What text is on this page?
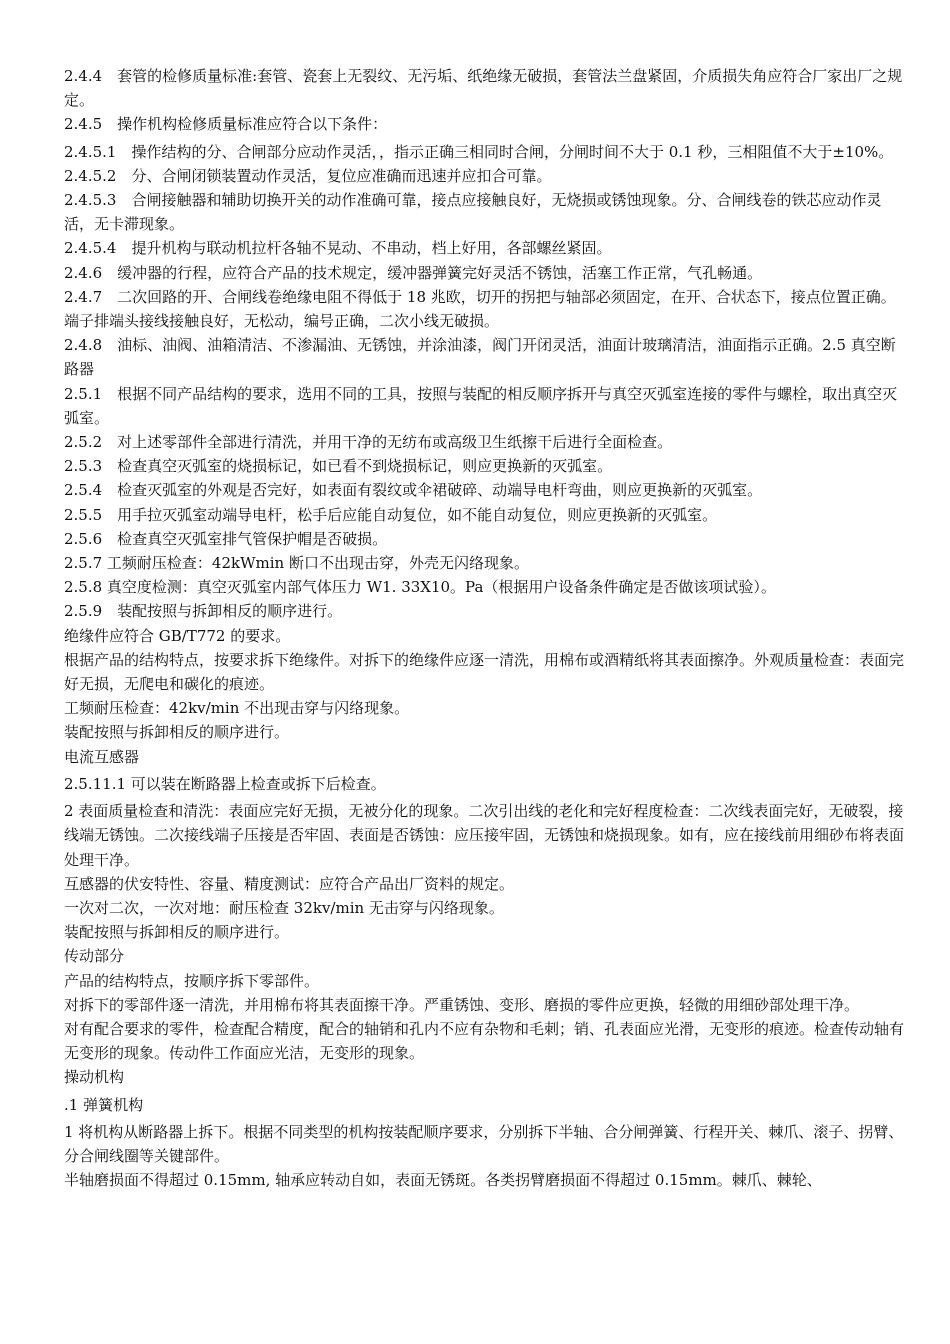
2.4.4　套管的检修质量标准:套管、瓷套上无裂纹、无污垢、纸绝缘无破损，套管法兰盘紧固，介质损失角应符合厂家出厂之规定。

2.4.5　操作机构检修质量标准应符合以下条件：

2.4.5.1　操作结构的分、合闸部分应动作灵活，，指示正确三相同时合闸，分闸时间不大于 0.1 秒，三相阻值不大于±10%。

2.4.5.2　分、合闸闭锁装置动作灵活，复位应准确而迅速并应扣合可靠。

2.4.5.3　合闸接触器和辅助切换开关的动作准确可靠，接点应接触良好，无烧损或锈蚀现象。分、合闸线卷的铁芯应动作灵活，无卡滞现象。

2.4.5.4　提升机构与联动机拉杆各轴不晃动、不串动，档上好用，各部螺丝紧固。

2.4.6　缓冲器的行程，应符合产品的技术规定，缓冲器弹簧完好灵活不锈蚀，活塞工作正常，气孔畅通。

2.4.7　二次回路的开、合闸线卷绝缘电阻不得低于 18 兆欧，切开的拐把与轴部必须固定，在开、合状态下，接点位置正确。端子排端头接线接触良好，无松动，编号正确，二次小线无破损。

2.4.8　油标、油阀、油箱清洁、不渗漏油、无锈蚀，并涂油漆，阀门开闭灵活，油面计玻璃清洁，油面指示正确。2.5 真空断路器

2.5.1　根据不同产品结构的要求，选用不同的工具，按照与装配的相反顺序拆开与真空灭弧室连接的零件与螺栓，取出真空灭弧室。

2.5.2　对上述零部件全部进行清洗，并用干净的无纺布或高级卫生纸擦干后进行全面检查。

2.5.3　检查真空灭弧室的烧损标记，如已看不到烧损标记，则应更换新的灭弧室。

2.5.4　检查灭弧室的外观是否完好，如表面有裂纹或伞裙破碎、动端导电杆弯曲，则应更换新的灭弧室。

2.5.5　用手拉灭弧室动端导电杆，松手后应能自动复位，如不能自动复位，则应更换新的灭弧室。

2.5.6　检查真空灭弧室排气管保护帽是否破损。

2.5.7 工频耐压检查：42kWmin 断口不出现击穿，外壳无闪络现象。

2.5.8 真空度检测：真空灭弧室内部气体压力 W1. 33X10。Pa（根据用户设备条件确定是否做该项试验）。

2.5.9　装配按照与拆卸相反的顺序进行。

绝缘件应符合 GB/T772 的要求。

根据产品的结构特点，按要求拆下绝缘件。对拆下的绝缘件应逐一清洗，用棉布或酒精纸将其表面擦净。外观质量检查：表面完好无损，无爬电和碳化的痕迹。

工频耐压检查：42kv/min 不出现击穿与闪络现象。

装配按照与拆卸相反的顺序进行。

电流互感器

2.5.11.1 可以装在断路器上检查或拆下后检查。

2 表面质量检查和清洗：表面应完好无损，无被分化的现象。二次引出线的老化和完好程度检查：二次线表面完好，无破裂，接线端无锈蚀。二次接线端子压接是否牢固、表面是否锈蚀：应压接牢固，无锈蚀和烧损现象。如有，应在接线前用细砂布将表面处理干净。

互感器的伏安特性、容量、精度测试：应符合产品出厂资料的规定。

一次对二次，一次对地：耐压检查 32kv/min 无击穿与闪络现象。

装配按照与拆卸相反的顺序进行。

传动部分

产品的结构特点，按顺序拆下零部件。

对拆下的零部件逐一清洗，并用棉布将其表面擦干净。严重锈蚀、变形、磨损的零件应更换，轻微的用细砂部处理干净。

对有配合要求的零件，检查配合精度，配合的轴销和孔内不应有杂物和毛刺；销、孔表面应光滑，无变形的痕迹。检查传动轴有无变形的现象。传动件工作面应光洁，无变形的现象。

操动机构

.1 弹簧机构

1 将机构从断路器上拆下。根据不同类型的机构按装配顺序要求，分别拆下半轴、合分闸弹簧、行程开关、棘爪、滚子、拐臂、分合闸线圈等关键部件。

半轴磨损面不得超过 0.15mm, 轴承应转动自如，表面无锈斑。各类拐臂磨损面不得超过 0.15mm。棘爪、棘轮、
